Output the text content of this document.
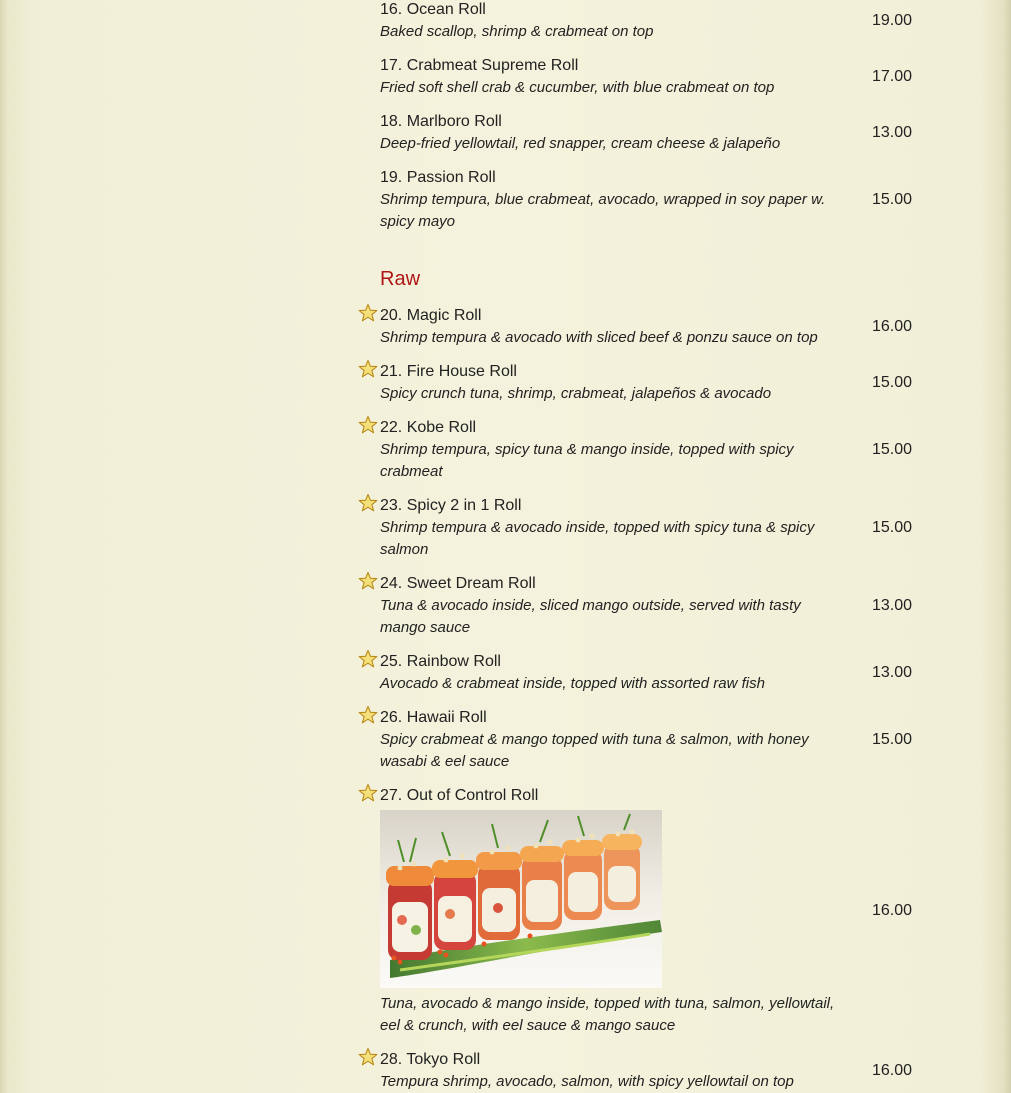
16. Ocean Roll
Baked scallop, shrimp & crabmeat on top
19.00
17. Crabmeat Supreme Roll
Fried soft shell crab & cucumber, with blue crabmeat on top
17.00
18. Marlboro Roll
Deep-fried yellowtail, red snapper, cream cheese & jalapeño
13.00
19. Passion Roll
Shrimp tempura, blue crabmeat, avocado, wrapped in soy paper w. spicy mayo
15.00
Raw
20. Magic Roll
Shrimp tempura & avocado with sliced beef & ponzu sauce on top
16.00
21. Fire House Roll
Spicy crunch tuna, shrimp, crabmeat, jalapeños & avocado
15.00
22. Kobe Roll
Shrimp tempura, spicy tuna & mango inside, topped with spicy crabmeat
15.00
23. Spicy 2 in 1 Roll
Shrimp tempura & avocado inside, topped with spicy tuna & spicy salmon
15.00
24. Sweet Dream Roll
Tuna & avocado inside, sliced mango outside, served with tasty mango sauce
13.00
25. Rainbow Roll
Avocado & crabmeat inside, topped with assorted raw fish
13.00
26. Hawaii Roll
Spicy crabmeat & mango topped with tuna & salmon, with honey wasabi & eel sauce
15.00
27. Out of Control Roll
Tuna, avocado & mango inside, topped with tuna, salmon, yellowtail, eel & crunch, with eel sauce & mango sauce
16.00
28. Tokyo Roll
Tempura shrimp, avocado, salmon, with spicy yellowtail on top
16.00
